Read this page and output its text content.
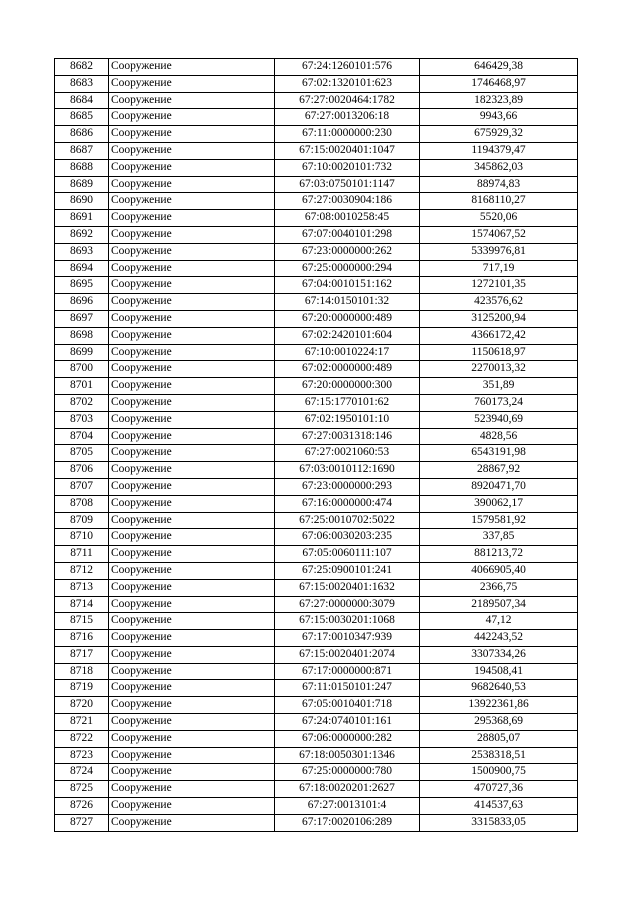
8682	Сооружение	67:24:1260101:576	646429,38
8683	Сооружение	67:02:1320101:623	1746468,97
8684	Сооружение	67:27:0020464:1782	182323,89
8685	Сооружение	67:27:0013206:18	9943,66
8686	Сооружение	67:11:0000000:230	675929,32
8687	Сооружение	67:15:0020401:1047	1194379,47
8688	Сооружение	67:10:0020101:732	345862,03
8689	Сооружение	67:03:0750101:1147	88974,83
8690	Сооружение	67:27:0030904:186	8168110,27
8691	Сооружение	67:08:0010258:45	5520,06
8692	Сооружение	67:07:0040101:298	1574067,52
8693	Сооружение	67:23:0000000:262	5339976,81
8694	Сооружение	67:25:0000000:294	717,19
8695	Сооружение	67:04:0010151:162	1272101,35
8696	Сооружение	67:14:0150101:32	423576,62
8697	Сооружение	67:20:0000000:489	3125200,94
8698	Сооружение	67:02:2420101:604	4366172,42
8699	Сооружение	67:10:0010224:17	1150618,97
8700	Сооружение	67:02:0000000:489	2270013,32
8701	Сооружение	67:20:0000000:300	351,89
8702	Сооружение	67:15:1770101:62	760173,24
8703	Сооружение	67:02:1950101:10	523940,69
8704	Сооружение	67:27:0031318:146	4828,56
8705	Сооружение	67:27:0021060:53	6543191,98
8706	Сооружение	67:03:0010112:1690	28867,92
8707	Сооружение	67:23:0000000:293	8920471,70
8708	Сооружение	67:16:0000000:474	390062,17
8709	Сооружение	67:25:0010702:5022	1579581,92
8710	Сооружение	67:06:0030203:235	337,85
8711	Сооружение	67:05:0060111:107	881213,72
8712	Сооружение	67:25:0900101:241	4066905,40
8713	Сооружение	67:15:0020401:1632	2366,75
8714	Сооружение	67:27:0000000:3079	2189507,34
8715	Сооружение	67:15:0030201:1068	47,12
8716	Сооружение	67:17:0010347:939	442243,52
8717	Сооружение	67:15:0020401:2074	3307334,26
8718	Сооружение	67:17:0000000:871	194508,41
8719	Сооружение	67:11:0150101:247	9682640,53
8720	Сооружение	67:05:0010401:718	13922361,86
8721	Сооружение	67:24:0740101:161	295368,69
8722	Сооружение	67:06:0000000:282	28805,07
8723	Сооружение	67:18:0050301:1346	2538318,51
8724	Сооружение	67:25:0000000:780	1500900,75
8725	Сооружение	67:18:0020201:2627	470727,36
8726	Сооружение	67:27:0013101:4	414537,63
8727	Сооружение	67:17:0020106:289	3315833,05
